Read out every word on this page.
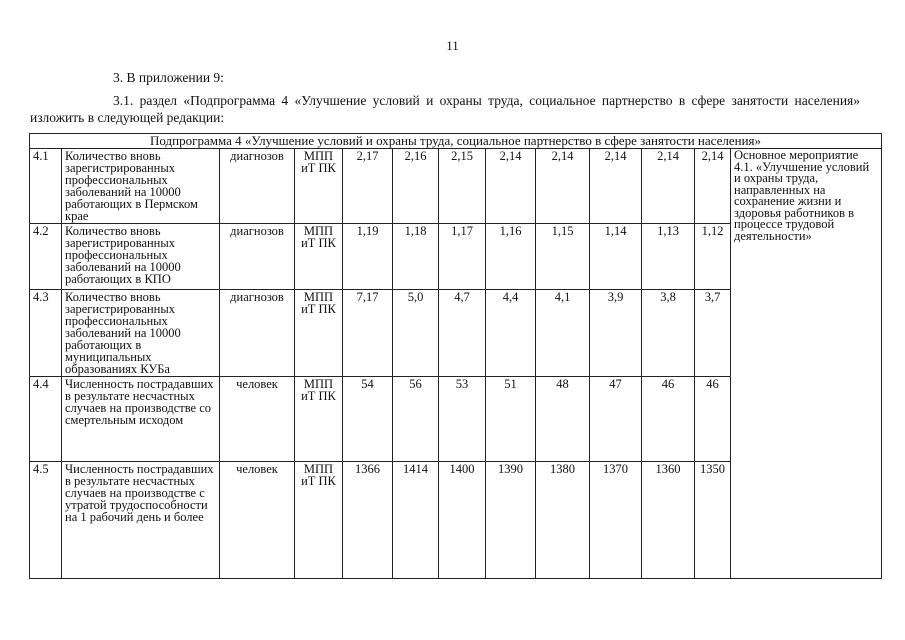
11
3. В приложении 9:
3.1. раздел «Подпрограмма 4 «Улучшение условий и охраны труда, социальное партнерство в сфере занятости населения» изложить в следующей редакции:
Подпрограмма 4 «Улучшение условий и охраны труда, социальное партнерство в сфере занятости населения»												
4.1	Количество вновь зарегистрированных профессиональных заболеваний на 10000 работающих в Пермском крае	диагнозов	МПП иТ ПК	2,17	2,16	2,15	2,14	2,14	2,14	2,14	2,14	Основное мероприятие 4.1. «Улучшение условий и охраны труда, направленных на сохранение жизни и здоровья работников в процессе трудовой деятельности»
4.2	Количество вновь зарегистрированных профессиональных заболеваний на 10000 работающих в КПО	диагнозов	МПП иТ ПК	1,19	1,18	1,17	1,16	1,15	1,14	1,13	1,12	
4.3	Количество вновь зарегистрированных профессиональных заболеваний на 10000 работающих в муниципальных образованиях КУБа	диагнозов	МПП иТ ПК	7,17	5,0	4,7	4,4	4,1	3,9	3,8	3,7	
4.4	Численность пострадавших в результате несчастных случаев на производстве со смертельным исходом	человек	МПП иТ ПК	54	56	53	51	48	47	46	46	
4.5	Численность пострадавших в результате несчастных случаев на производстве с утратой трудоспособности на 1 рабочий день и более	человек	МПП иТ ПК	1366	1414	1400	1390	1380	1370	1360	1350	
